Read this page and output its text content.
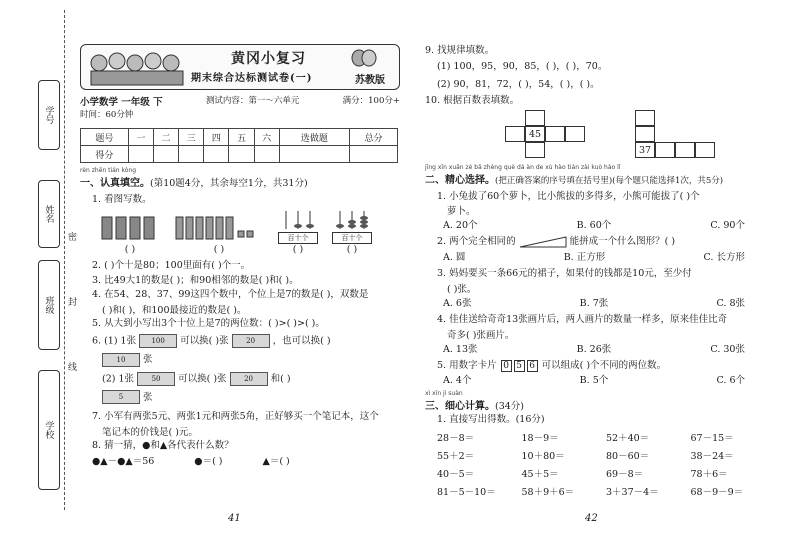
学号
姓名
班级
学校
密
封
线
黄冈小复习
期末综合达标测试卷(一)	苏教版
小学数学 一年级 下	测试内容：第一～六单元	满分：100分+
时间：60分钟
题号	一	二	三	四	五	六	选做题	总分
得分								
rèn zhēn tián kòng
一、认真填空。(第10题4分，其余每空1分，共31分)
1. 看图写数。
( )	( )
百十个
( )
百十个
( )
2. ( )个十是80；100里面有( )个一。
3. 比49大1的数是( )；和90相邻的数是( )和( )。
4. 在54、28、37、99这四个数中，个位上是7的数是( )，双数是
( )和( )，和100最接近的数是( )。
5. 从大到小写出3个十位上是7的两位数：( )>( )>( )。
6. (1) 1张 100 可以换( )张	20 ，也可以换( )
10 张
(2) 1张	50 可以换( )张	20 和( )
5 张
7. 小军有两张5元、两张1元和两张5角，正好够买一个笔记本，这个
笔记本的价钱是( )元。
8. 猜一猜，●和▲各代表什么数？
●▲－●▲＝56	●＝( )	▲＝( )
9. 找规律填数。
(1) 100，95，90，85，( )，( )，70。
(2) 90，81，72，( )，54，( )，( )。
10. 根据百数表填数。
45
37
jīng xīn xuǎn zé bǎ zhèng què dá àn de xù hào tián zài kuò hào lǐ
二、精心选择。(把正确答案的序号填在括号里)(每个题只能选择1次，共5分)
1. 小兔拔了60个萝卜，比小熊拔的多得多，小熊可能拔了( )个
萝卜。
A. 20个	B. 60个	C. 90个
2. 两个完全相同的	能拼成一个什么图形？( )
A. 圆	B. 正方形	C. 长方形
3. 妈妈要买一条66元的裙子，如果付的钱都是10元，至少付
( )张。
A. 6张	B. 7张	C. 8张
4. 佳佳送给奇奇13张画片后，两人画片的数量一样多，原来佳佳比奇
奇多( )张画片。
A. 13张	B. 26张	C. 30张
5. 用数字卡片 0 5 6 可以组成( )个不同的两位数。
A. 4个	B. 5个	C. 6个
xì xīn jì suàn
三、细心计算。(34分)
1. 直接写出得数。(16分)
28－8＝	18－9＝	52＋40＝	67－15＝
55＋2＝	10＋80＝	80－60＝	38－24＝
40－5＝	45＋5＝	69－8＝	78＋6＝
81－5－10＝	58＋9＋6＝	3＋37－4＝	68－9－9＝
41	42
